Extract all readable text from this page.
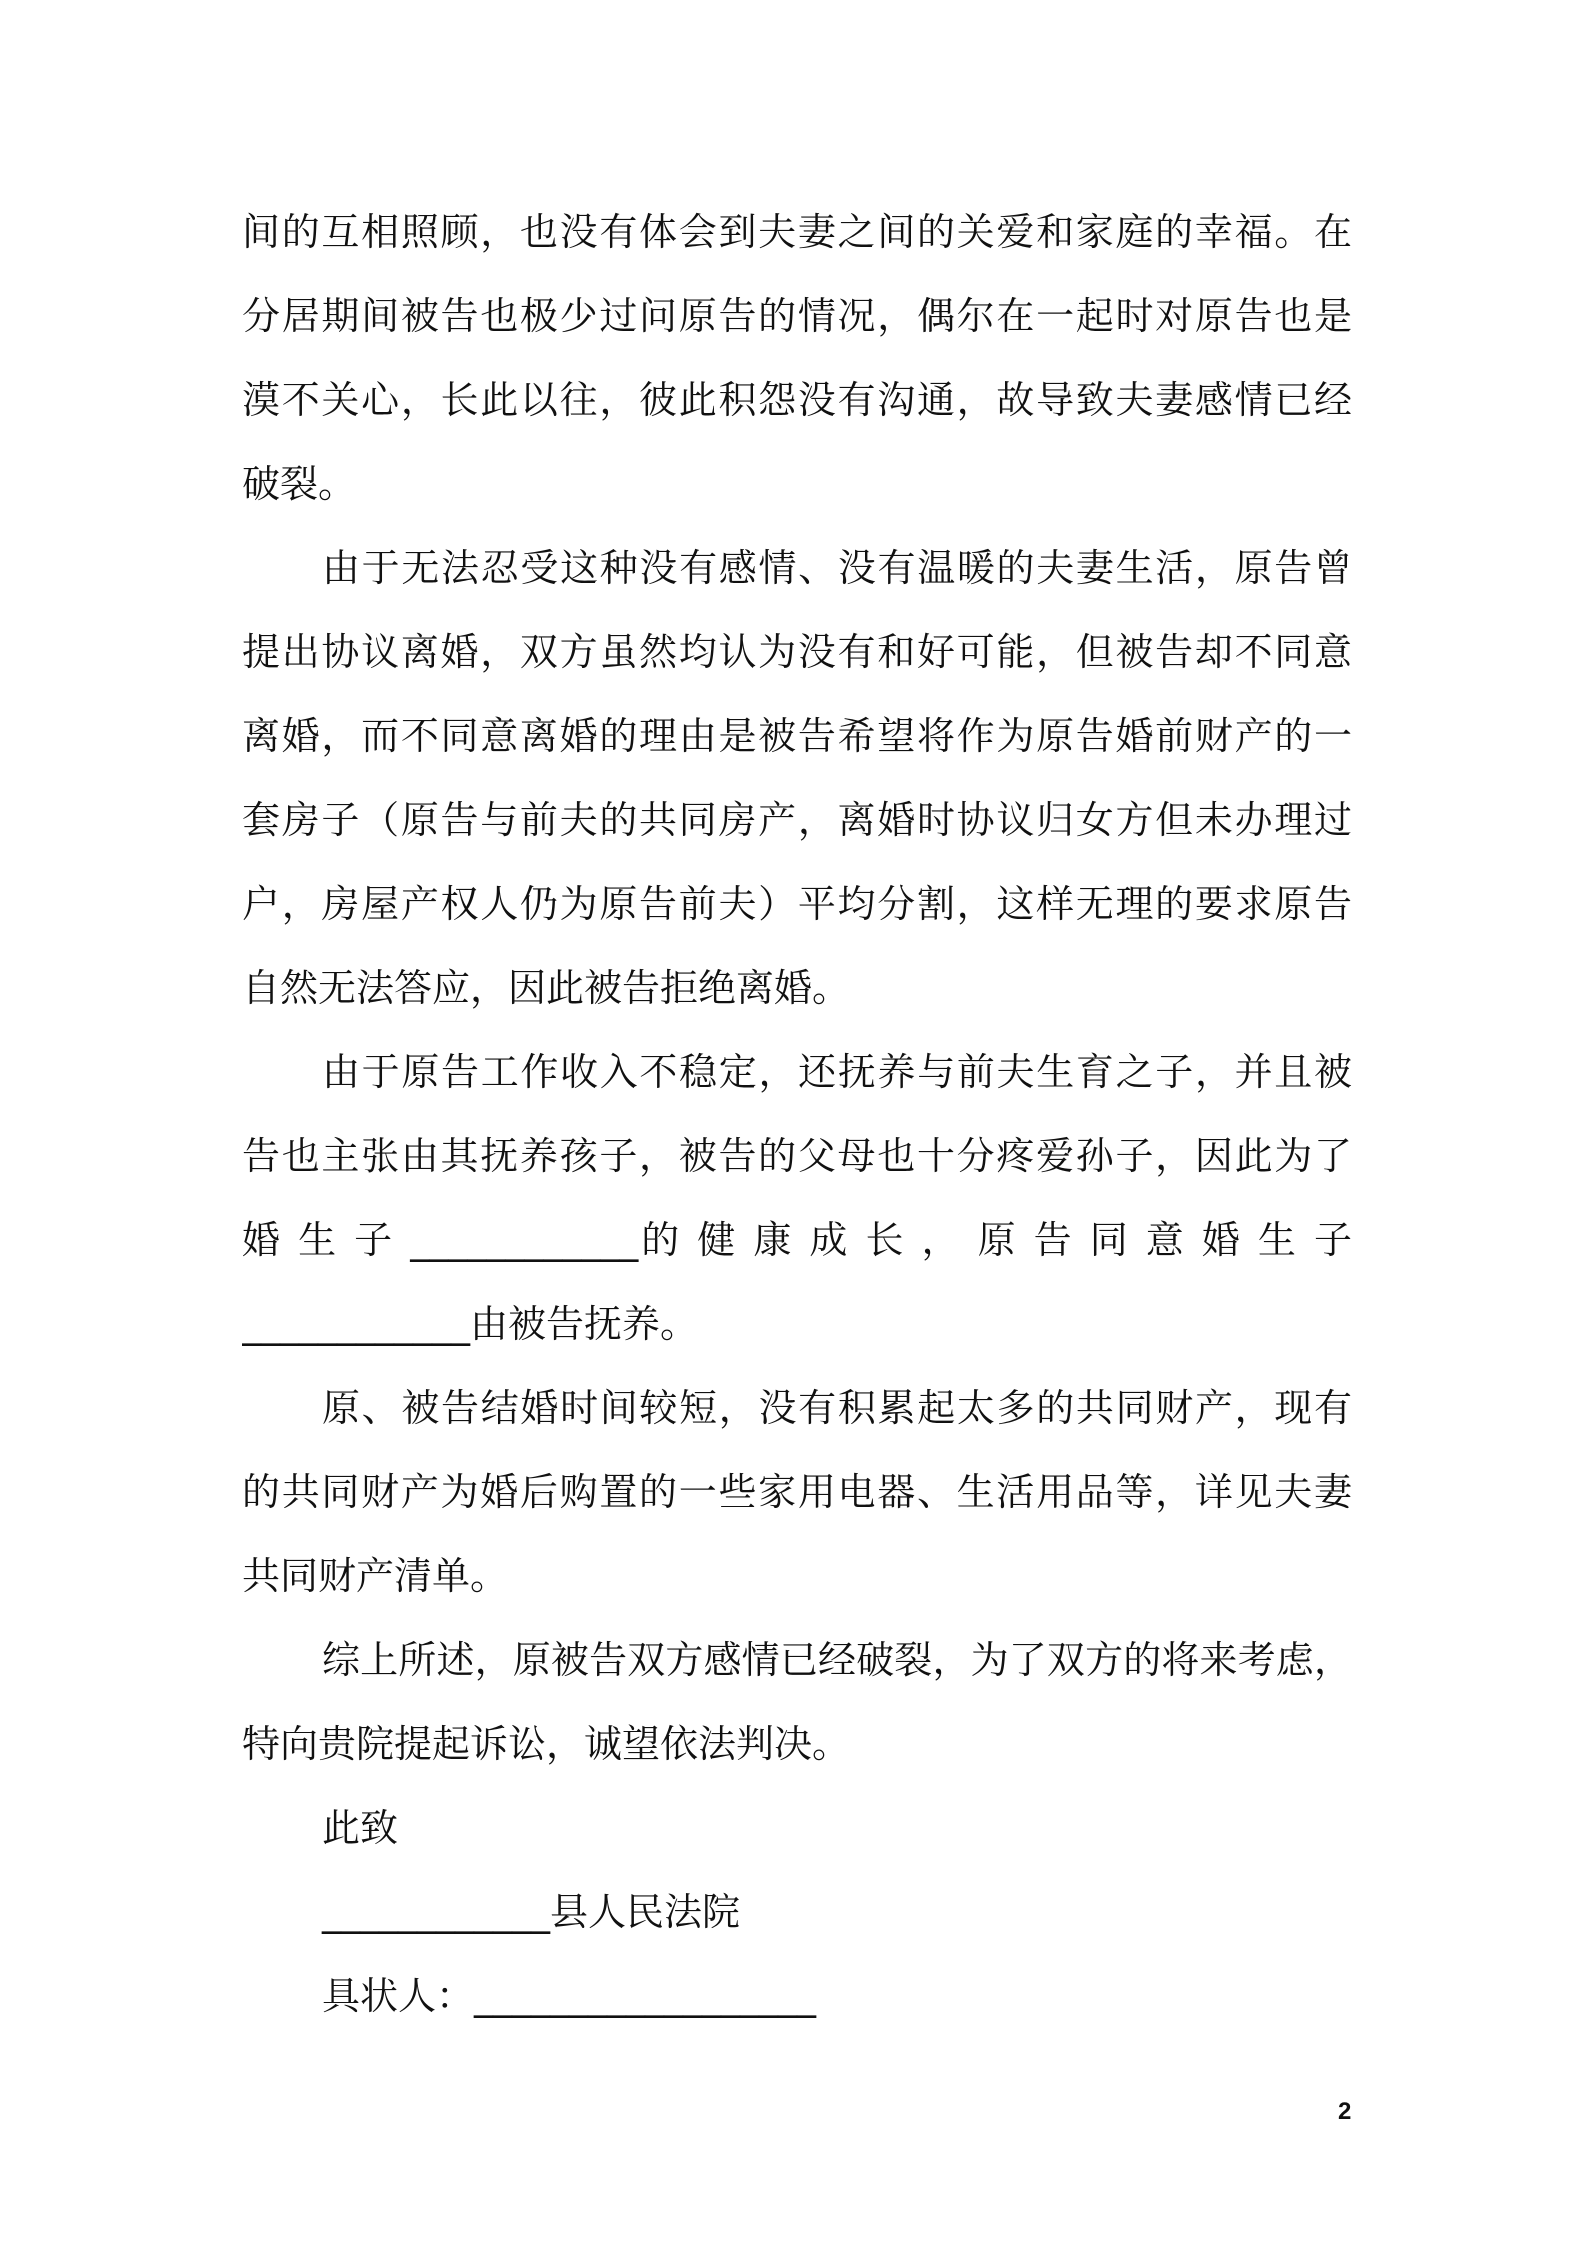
间的互相照顾，也没有体会到夫妻之间的关爱和家庭的幸福。在
分居期间被告也极少过问原告的情况，偶尔在一起时对原告也是
漠不关心，长此以往，彼此积怨没有沟通，故导致夫妻感情已经
破裂。
由于无法忍受这种没有感情、没有温暖的夫妻生活，原告曾
提出协议离婚，双方虽然均认为没有和好可能，但被告却不同意
离婚，而不同意离婚的理由是被告希望将作为原告婚前财产的一
套房子（原告与前夫的共同房产，离婚时协议归女方但未办理过
户，房屋产权人仍为原告前夫）平均分割，这样无理的要求原告
自然无法答应，因此被告拒绝离婚。
由于原告工作收入不稳定，还抚养与前夫生育之子，并且被
告也主张由其抚养孩子，被告的父母也十分疼爱孙子，因此为了
婚 生 子 ____________的 健 康 成 长 ， 原 告 同 意 婚 生 子
____________由被告抚养。
原、被告结婚时间较短，没有积累起太多的共同财产，现有
的共同财产为婚后购置的一些家用电器、生活用品等，详见夫妻
共同财产清单。
综上所述，原被告双方感情已经破裂，为了双方的将来考虑，
特向贵院提起诉讼，诚望依法判决。
此致
____________县人民法院
具状人：__________________
2
